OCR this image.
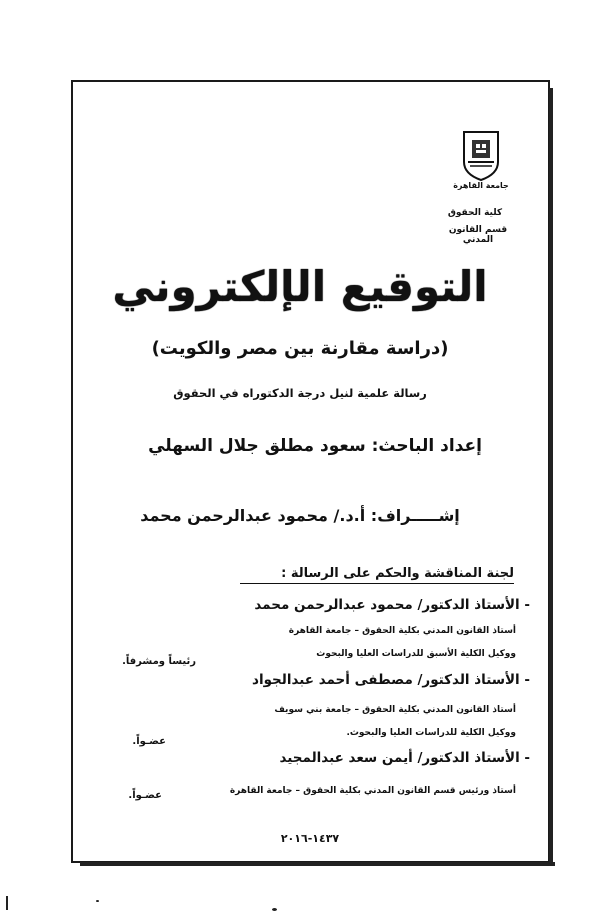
جامعة القاهرة
كلية الحقوق
قسم القانون المدني
التوقيع الإلكتروني
(دراسة مقارنة بين مصر والكويت)
رسالة علمية لنيل درجة الدكتوراه في الحقوق
إعداد الباحث: سعود مطلق جلال السهلي
إشـــــراف: أ.د./ محمود عبدالرحمن محمد
لجنة المناقشة والحكم على الرسالة :
- الأستاذ الدكتور/ محمود عبدالرحمن محمد
أستاذ القانون المدني بكلية الحقوق – جامعة القاهرة
ووكيل الكلية الأسبق للدراسات العليا والبحوث
رئيساً ومشرفاً.
- الأستاذ الدكتور/ مصطفى أحمد عبدالجواد
أستاذ القانون المدني بكلية الحقوق – جامعة بني سويف
ووكيل الكلية للدراسات العليا والبحوث.
عضـواً.
- الأستاذ الدكتور/ أيمن سعد عبدالمجيد
أستاذ ورئيس قسم القانون المدني بكلية الحقوق – جامعة القاهرة
عضـواً.
١٤٣٧-٢٠١٦
